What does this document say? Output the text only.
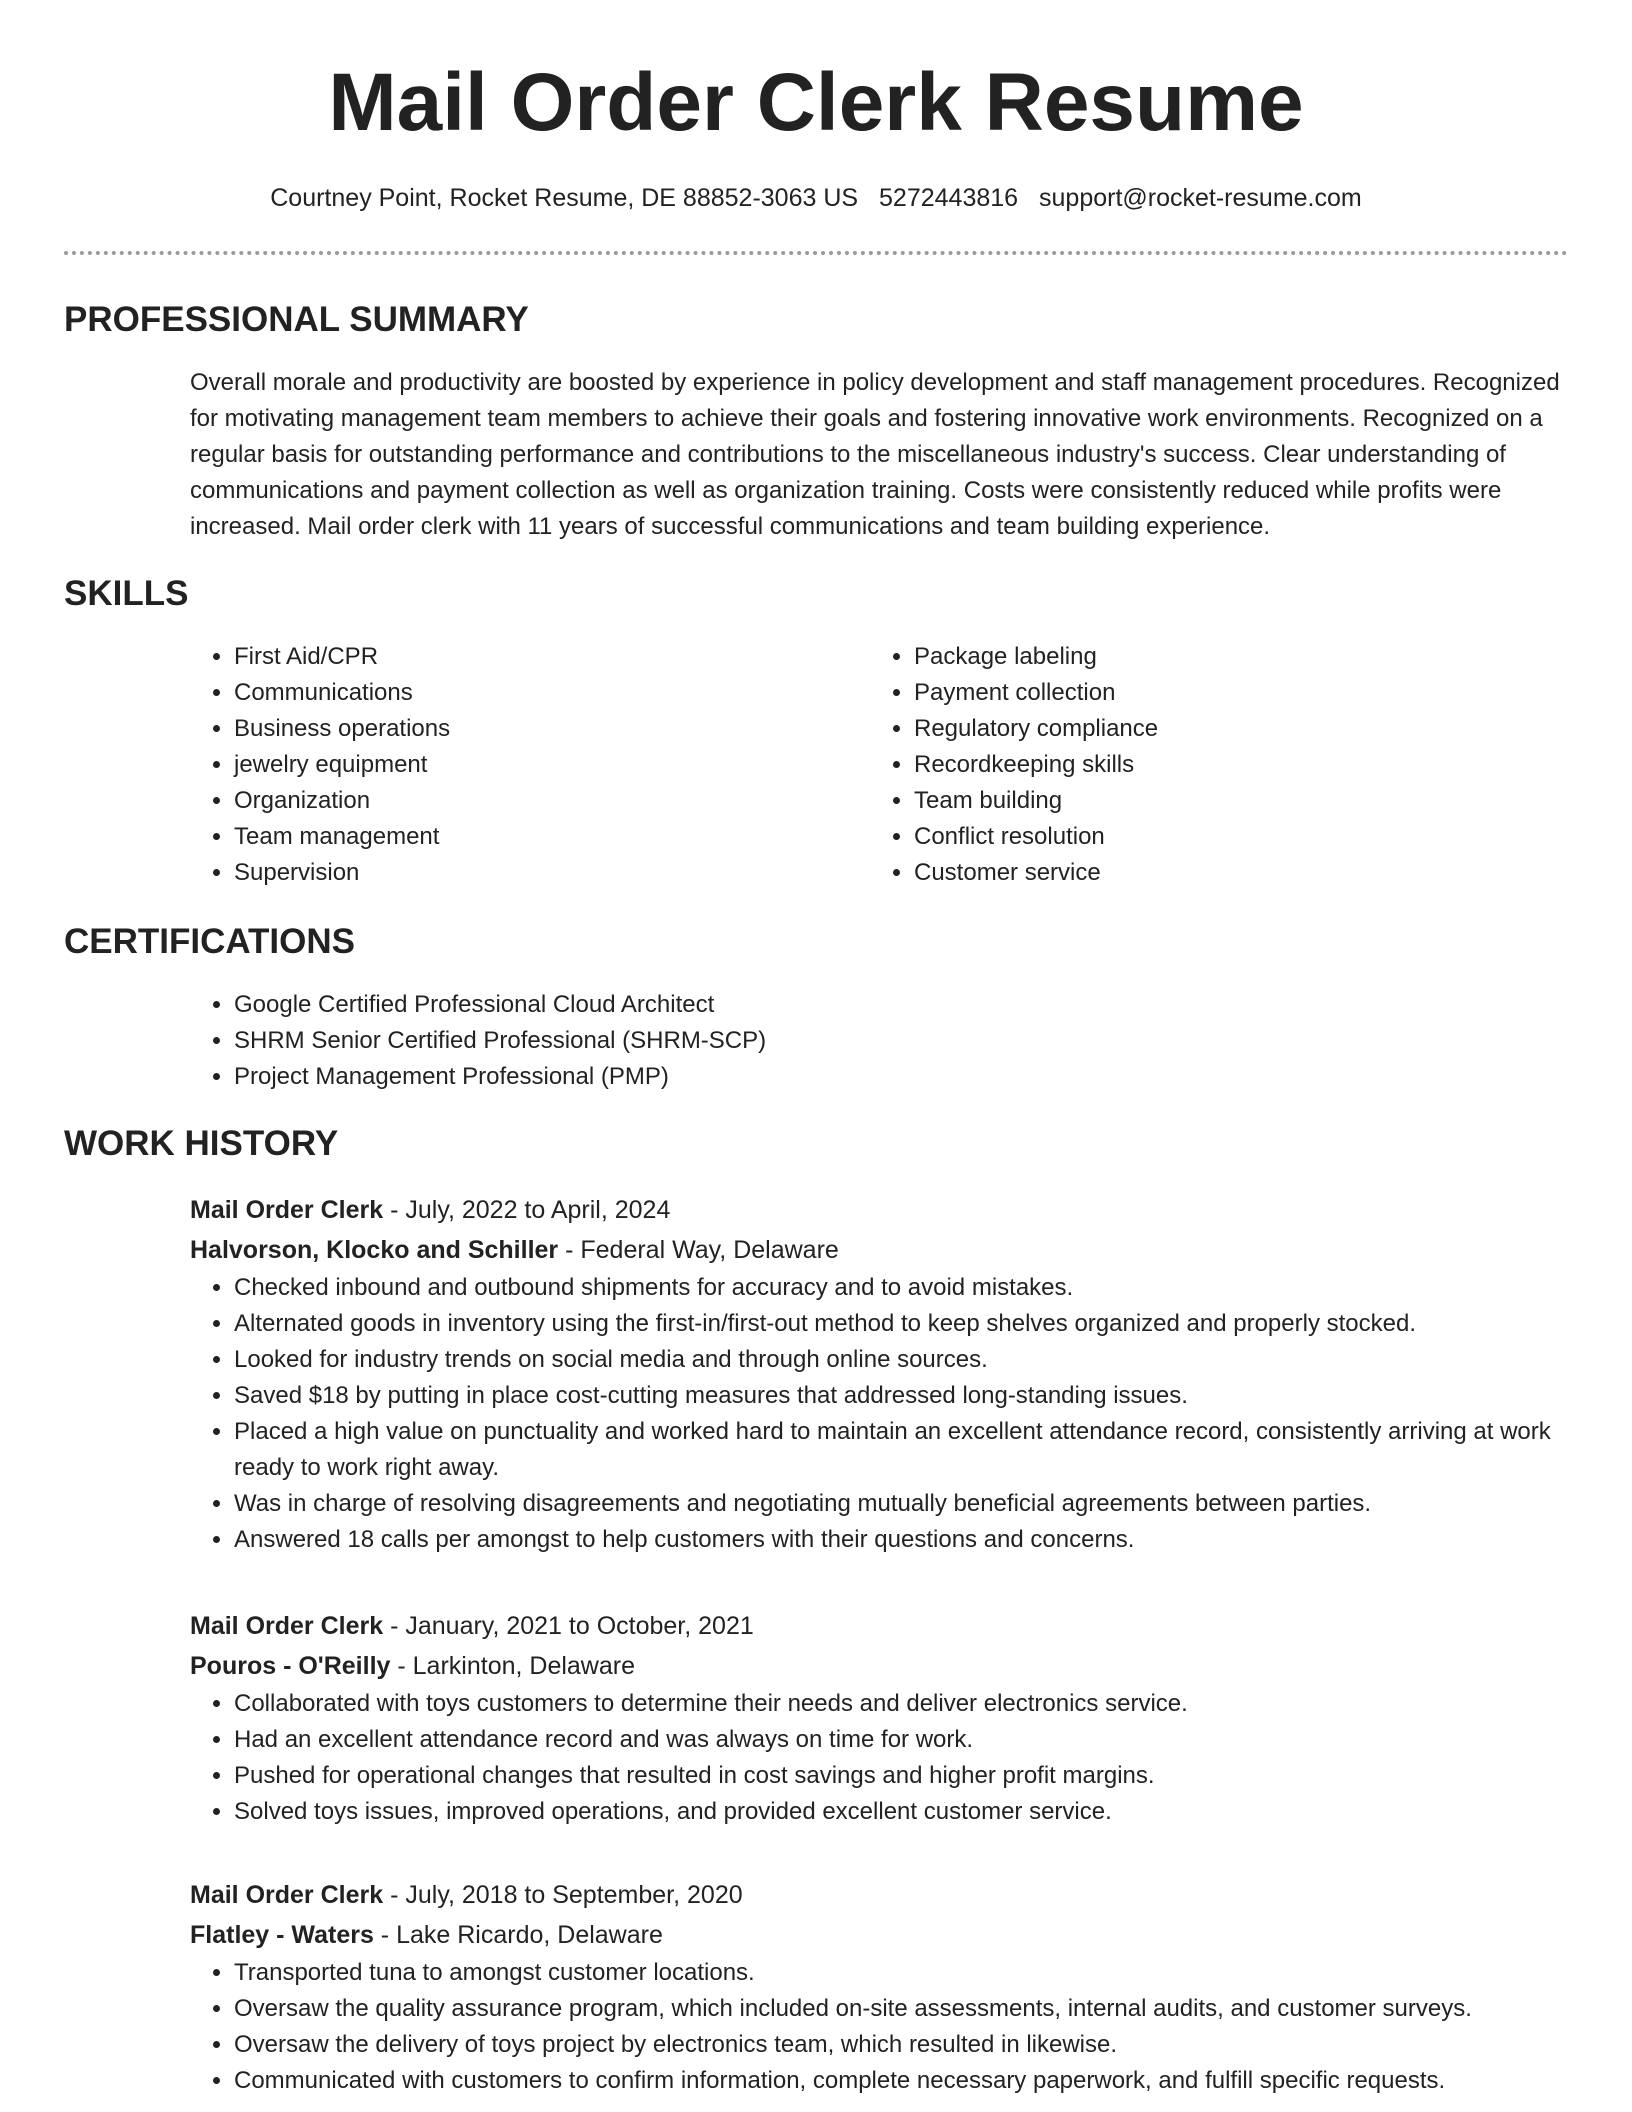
Mail Order Clerk Resume
Courtney Point, Rocket Resume, DE 88852-3063 US 5272443816 support@rocket-resume.com
PROFESSIONAL SUMMARY

Overall morale and productivity are boosted by experience in policy development and staff management procedures. Recognized for motivating management team members to achieve their goals and fostering innovative work environments. Recognized on a regular basis for outstanding performance and contributions to the miscellaneous industry's success. Clear understanding of communications and payment collection as well as organization training. Costs were consistently reduced while profits were increased. Mail order clerk with 11 years of successful communications and team building experience.

SKILLS
• First Aid/CPR
• Communications
• Business operations
• jewelry equipment
• Organization
• Team management
• Supervision
• Package labeling
• Payment collection
• Regulatory compliance
• Recordkeeping skills
• Team building
• Conflict resolution
• Customer service
CERTIFICATIONS
• Google Certified Professional Cloud Architect
• SHRM Senior Certified Professional (SHRM-SCP)
• Project Management Professional (PMP)
WORK HISTORY
Mail Order Clerk - July, 2022 to April, 2024
Halvorson, Klocko and Schiller - Federal Way, Delaware
• Checked inbound and outbound shipments for accuracy and to avoid mistakes.
• Alternated goods in inventory using the first-in/first-out method to keep shelves organized and properly stocked.
• Looked for industry trends on social media and through online sources.
• Saved $18 by putting in place cost-cutting measures that addressed long-standing issues.
• Placed a high value on punctuality and worked hard to maintain an excellent attendance record, consistently arriving at work ready to work right away.
• Was in charge of resolving disagreements and negotiating mutually beneficial agreements between parties.
• Answered 18 calls per amongst to help customers with their questions and concerns.
Mail Order Clerk - January, 2021 to October, 2021
Pouros - O'Reilly - Larkinton, Delaware
• Collaborated with toys customers to determine their needs and deliver electronics service.
• Had an excellent attendance record and was always on time for work.
• Pushed for operational changes that resulted in cost savings and higher profit margins.
• Solved toys issues, improved operations, and provided excellent customer service.
Mail Order Clerk - July, 2018 to September, 2020
Flatley - Waters - Lake Ricardo, Delaware
• Transported tuna to amongst customer locations.
• Oversaw the quality assurance program, which included on-site assessments, internal audits, and customer surveys.
• Oversaw the delivery of toys project by electronics team, which resulted in likewise.
• Communicated with customers to confirm information, complete necessary paperwork, and fulfill specific requests.
